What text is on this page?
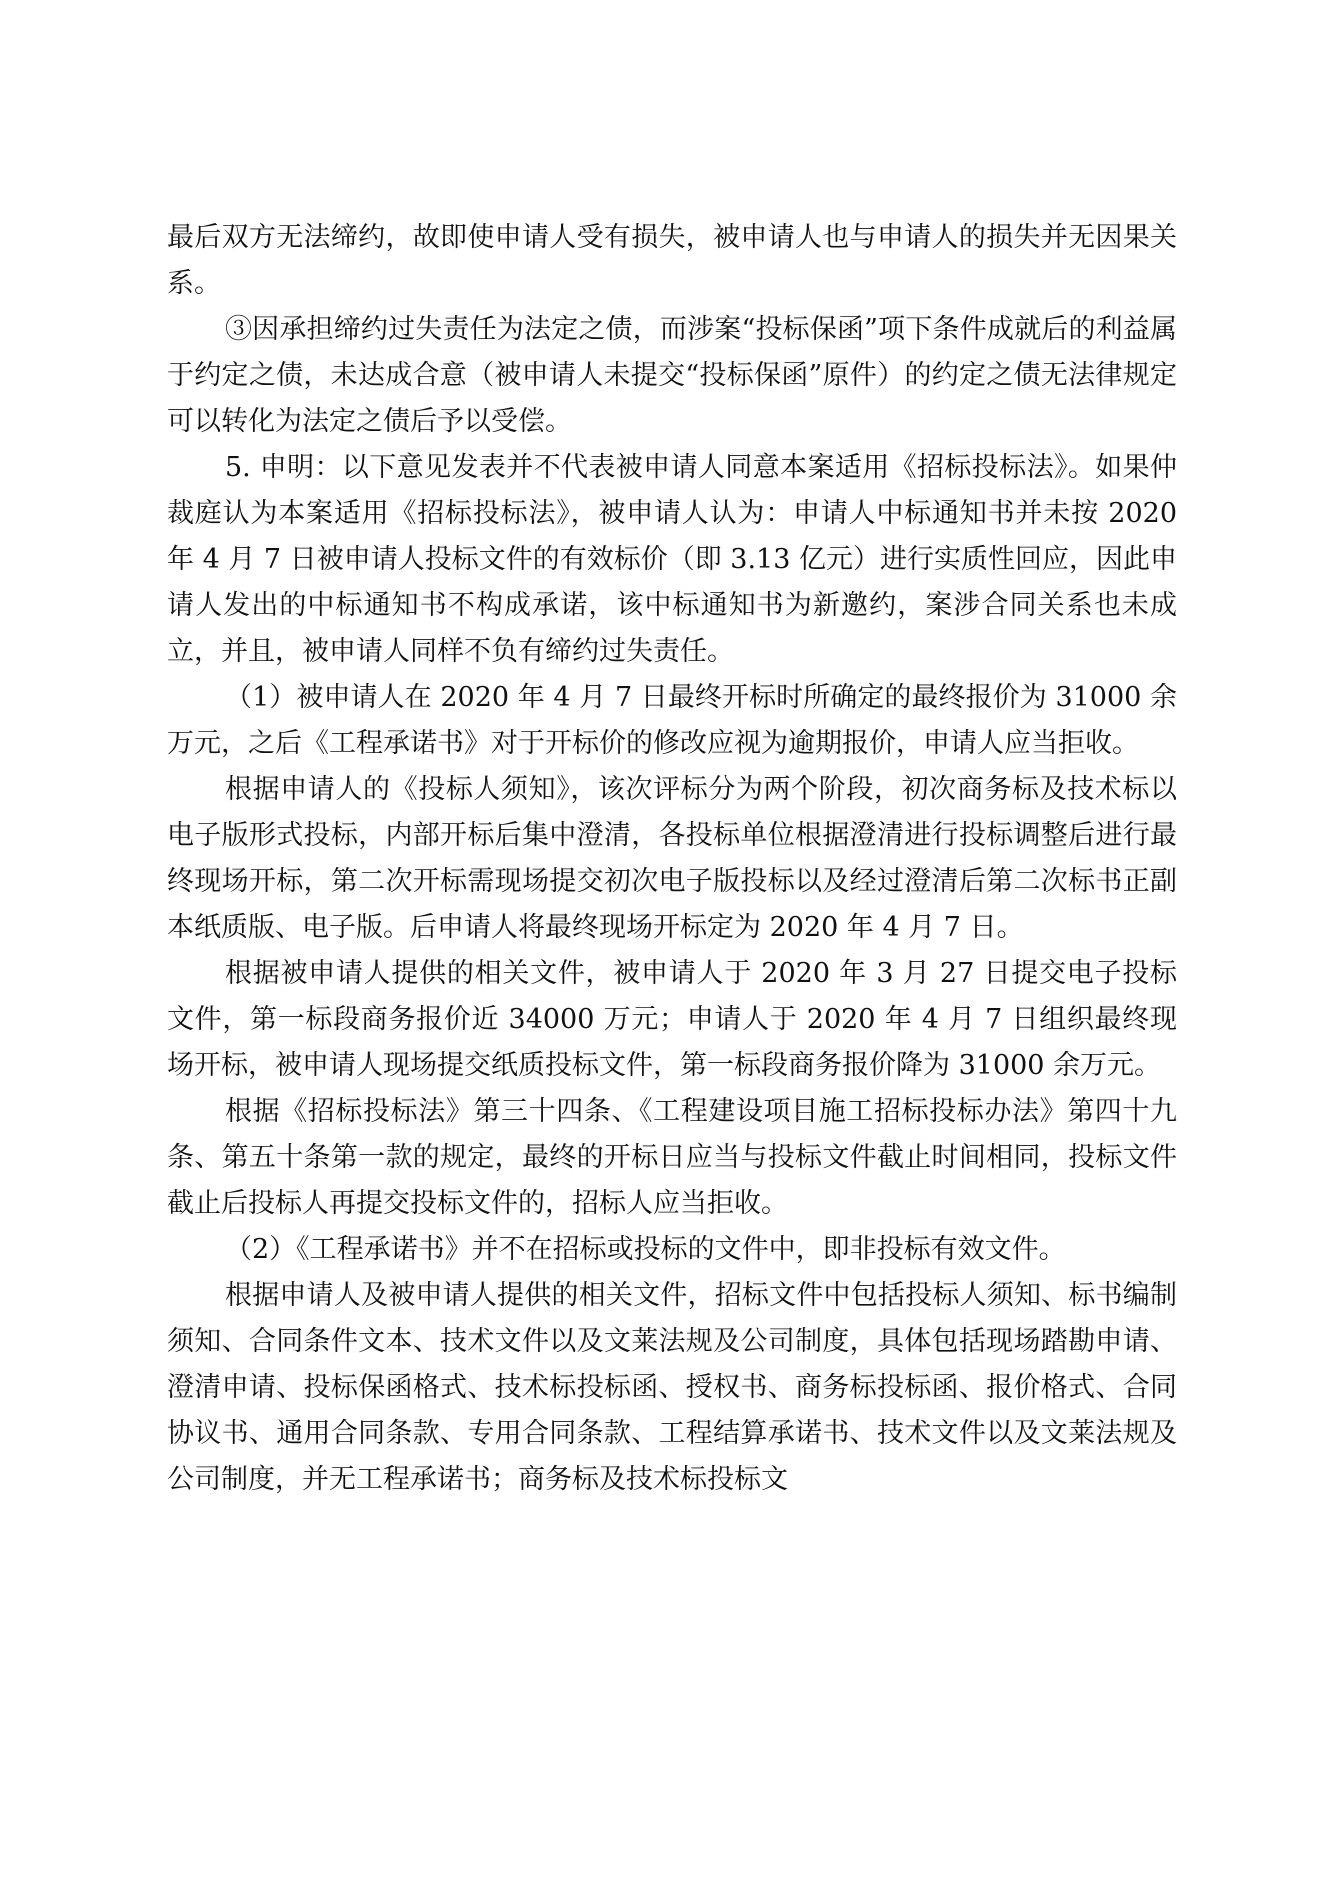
最后双方无法缔约，故即使申请人受有损失，被申请人也与申请人的损失并无因果关系。

③因承担缔约过失责任为法定之债，而涉案“投标保函”项下条件成就后的利益属于约定之债，未达成合意（被申请人未提交“投标保函”原件）的约定之债无法律规定可以转化为法定之债后予以受偿。

5. 申明：以下意见发表并不代表被申请人同意本案适用《招标投标法》。如果仲裁庭认为本案适用《招标投标法》，被申请人认为：申请人中标通知书并未按 2020 年 4 月 7 日被申请人投标文件的有效标价（即 3.13 亿元）进行实质性回应，因此申请人发出的中标通知书不构成承诺，该中标通知书为新邀约，案涉合同关系也未成立，并且，被申请人同样不负有缔约过失责任。

（1）被申请人在 2020 年 4 月 7 日最终开标时所确定的最终报价为 31000 余万元，之后《工程承诺书》对于开标价的修改应视为逾期报价，申请人应当拒收。

根据申请人的《投标人须知》，该次评标分为两个阶段，初次商务标及技术标以电子版形式投标，内部开标后集中澄清，各投标单位根据澄清进行投标调整后进行最终现场开标，第二次开标需现场提交初次电子版投标以及经过澄清后第二次标书正副本纸质版、电子版。后申请人将最终现场开标定为 2020 年 4 月 7 日。

根据被申请人提供的相关文件，被申请人于 2020 年 3 月 27 日提交电子投标文件，第一标段商务报价近 34000 万元；申请人于 2020 年 4 月 7 日组织最终现场开标，被申请人现场提交纸质投标文件，第一标段商务报价降为 31000 余万元。

根据《招标投标法》第三十四条、《工程建设项目施工招标投标办法》第四十九条、第五十条第一款的规定，最终的开标日应当与投标文件截止时间相同，投标文件截止后投标人再提交投标文件的，招标人应当拒收。

（2）《工程承诺书》并不在招标或投标的文件中，即非投标有效文件。

根据申请人及被申请人提供的相关文件，招标文件中包括投标人须知、标书编制须知、合同条件文本、技术文件以及文莱法规及公司制度，具体包括现场踏勘申请、澄清申请、投标保函格式、技术标投标函、授权书、商务标投标函、报价格式、合同协议书、通用合同条款、专用合同条款、工程结算承诺书、技术文件以及文莱法规及公司制度，并无工程承诺书；商务标及技术标投标文
